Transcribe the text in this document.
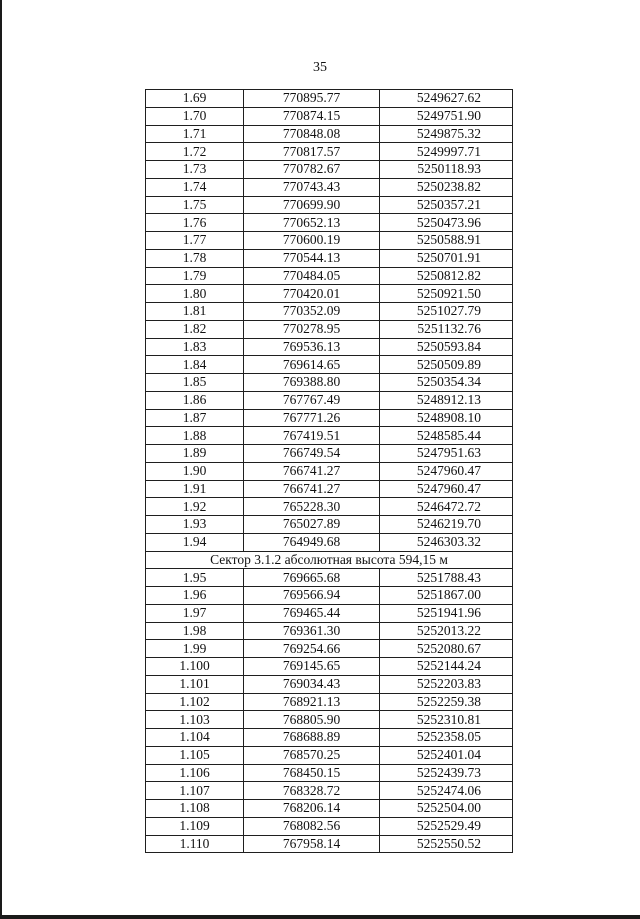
35
1.69	770895.77	5249627.62
1.70	770874.15	5249751.90
1.71	770848.08	5249875.32
1.72	770817.57	5249997.71
1.73	770782.67	5250118.93
1.74	770743.43	5250238.82
1.75	770699.90	5250357.21
1.76	770652.13	5250473.96
1.77	770600.19	5250588.91
1.78	770544.13	5250701.91
1.79	770484.05	5250812.82
1.80	770420.01	5250921.50
1.81	770352.09	5251027.79
1.82	770278.95	5251132.76
1.83	769536.13	5250593.84
1.84	769614.65	5250509.89
1.85	769388.80	5250354.34
1.86	767767.49	5248912.13
1.87	767771.26	5248908.10
1.88	767419.51	5248585.44
1.89	766749.54	5247951.63
1.90	766741.27	5247960.47
1.91	766741.27	5247960.47
1.92	765228.30	5246472.72
1.93	765027.89	5246219.70
1.94	764949.68	5246303.32
Сектор 3.1.2 абсолютная высота 594,15 м		
1.95	769665.68	5251788.43
1.96	769566.94	5251867.00
1.97	769465.44	5251941.96
1.98	769361.30	5252013.22
1.99	769254.66	5252080.67
1.100	769145.65	5252144.24
1.101	769034.43	5252203.83
1.102	768921.13	5252259.38
1.103	768805.90	5252310.81
1.104	768688.89	5252358.05
1.105	768570.25	5252401.04
1.106	768450.15	5252439.73
1.107	768328.72	5252474.06
1.108	768206.14	5252504.00
1.109	768082.56	5252529.49
1.110	767958.14	5252550.52
